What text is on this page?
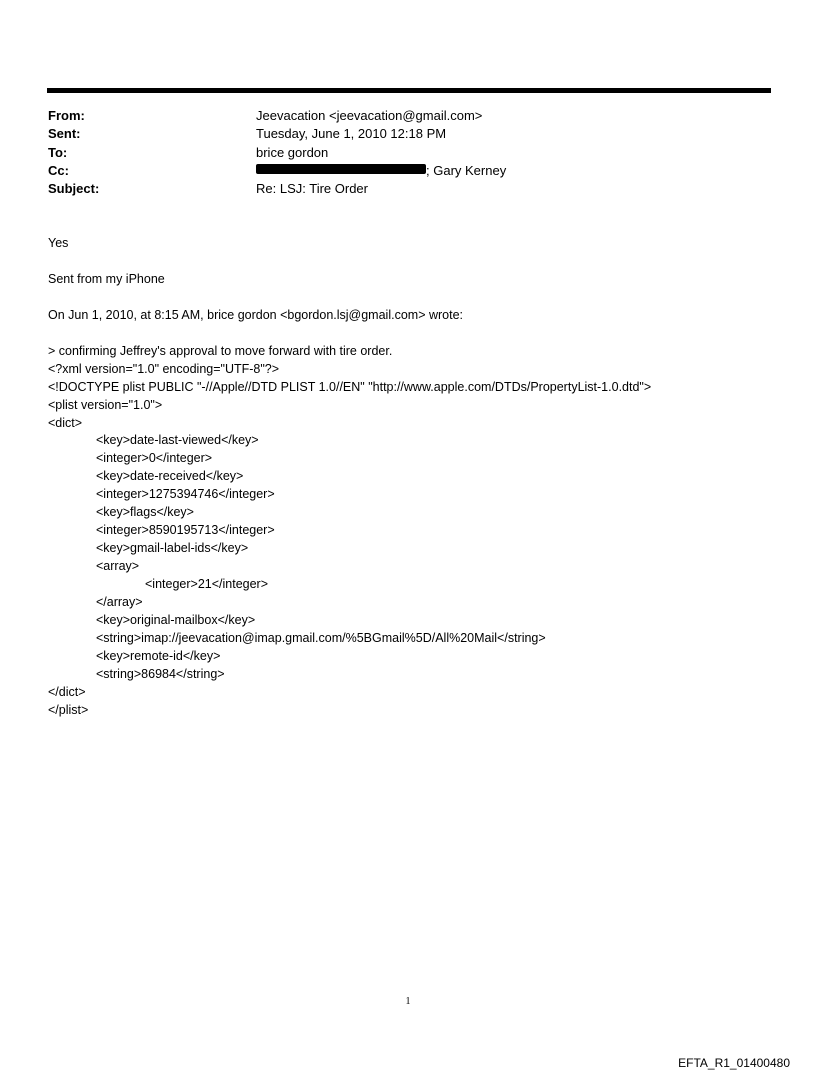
From:	Jeevacation <jeevacation@gmail.com>
Sent:	Tuesday, June 1, 2010 12:18 PM
To:	brice gordon
Cc:	; Gary Kerney
Subject:	Re: LSJ: Tire Order
Yes
Sent from my iPhone
On Jun 1, 2010, at 8:15 AM, brice gordon <bgordon.lsj@gmail.com> wrote:
> confirming Jeffrey's approval to move forward with tire order.
<?xml version="1.0" encoding="UTF-8"?>
<!DOCTYPE plist PUBLIC "-//Apple//DTD PLIST 1.0//EN" "http://www.apple.com/DTDs/PropertyList-1.0.dtd">
<plist version="1.0">
<dict>
<key>date-last-viewed</key>
<integer>0</integer>
<key>date-received</key>
<integer>1275394746</integer>
<key>flags</key>
<integer>8590195713</integer>
<key>gmail-label-ids</key>
<array>
<integer>21</integer>
</array>
<key>original-mailbox</key>
<string>imap://jeevacation@imap.gmail.com/%5BGmail%5D/All%20Mail</string>
<key>remote-id</key>
<string>86984</string>
</dict>
</plist>
1
EFTA_R1_01400480
